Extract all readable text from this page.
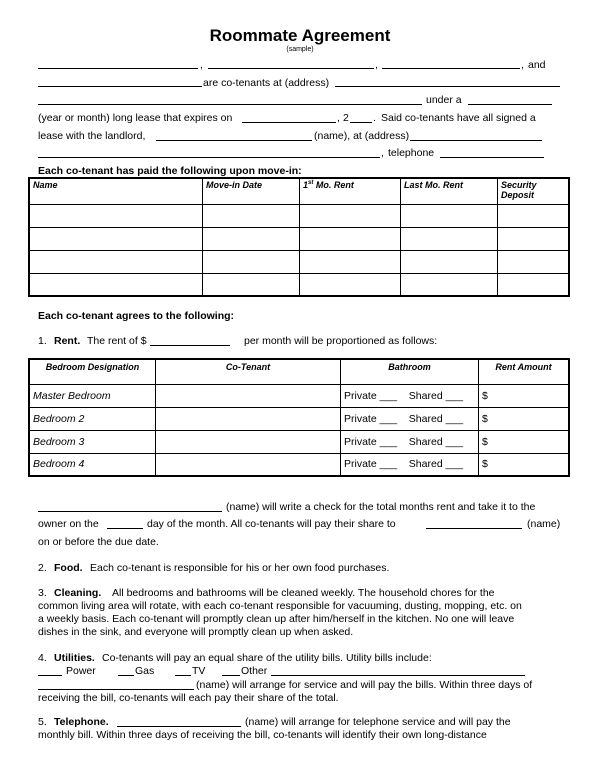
Roommate Agreement
(sample)
,	,	, and
are co-tenants at (address)
under a
(year or month) long lease that expires on	, 2 . Said co-tenants have all signed a
lease with the landlord,	(name), at (address)
, telephone
Each co-tenant has paid the following upon move-in:
Name	Move-in Date	1st Mo. Rent	Last Mo. Rent	Security Deposit

Each co-tenant agrees to the following:
1. Rent. The rent of $	per month will be proportioned as follows:
Bedroom Designation	Co-Tenant	Bathroom	Rent Amount
Master Bedroom		Private ___    Shared ___	$
Bedroom 2		Private ___    Shared ___	$
Bedroom 3		Private ___    Shared ___	$
Bedroom 4		Private ___    Shared ___	$
(name) will write a check for the total months rent and take it to the
owner on the	day of the month. All co-tenants will pay their share to	(name)
on or before the due date.
2. Food. Each co-tenant is responsible for his or her own food purchases.
3. Cleaning. All bedrooms and bathrooms will be cleaned weekly. The household chores for the
common living area will rotate, with each co-tenant responsible for vacuuming, dusting, mopping, etc. on
a weekly basis. Each co-tenant will promptly clean up after him/herself in the kitchen. No one will leave
dishes in the sink, and everyone will promptly clean up when asked.
4. Utilities. Co-tenants will pay an equal share of the utility bills. Utility bills include:
Power	Gas	TV	Other
(name) will arrange for service and will pay the bills. Within three days of
receiving the bill, co-tenants will each pay their share of the total.
5. Telephone.	(name) will arrange for telephone service and will pay the
monthly bill. Within three days of receiving the bill, co-tenants will identify their own long-distance
